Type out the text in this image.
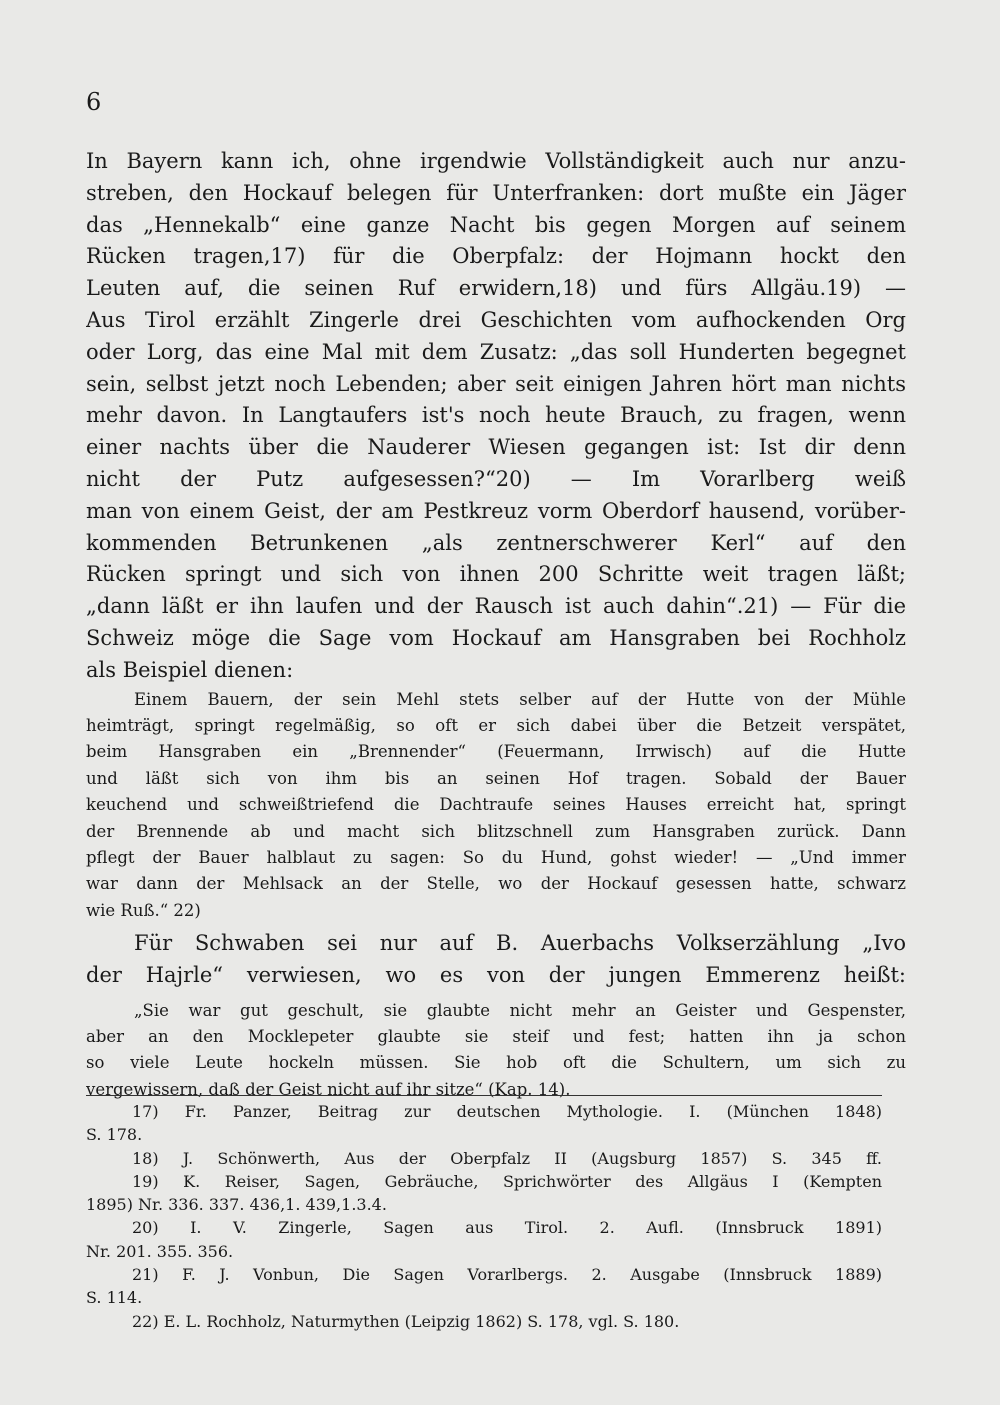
6
In Bayern kann ich, ohne irgendwie Vollständigkeit auch nur anzu-
streben, den Hockauf belegen für Unterfranken: dort mußte ein Jäger
das „Hennekalb“ eine ganze Nacht bis gegen Morgen auf seinem
Rücken tragen,17) für die Oberpfalz: der Hojmann hockt den
Leuten auf, die seinen Ruf erwidern,18) und fürs Allgäu.19) —
Aus Tirol erzählt Zingerle drei Geschichten vom aufhockenden Org
oder Lorg, das eine Mal mit dem Zusatz: „das soll Hunderten begegnet
sein, selbst jetzt noch Lebenden; aber seit einigen Jahren hört man nichts
mehr davon. In Langtaufers ist's noch heute Brauch, zu fragen, wenn
einer nachts über die Nauderer Wiesen gegangen ist: Ist dir denn
nicht der Putz aufgesessen?“20) — Im Vorarlberg weiß
man von einem Geist, der am Pestkreuz vorm Oberdorf hausend, vorüber-
kommenden Betrunkenen „als zentnerschwerer Kerl“ auf den
Rücken springt und sich von ihnen 200 Schritte weit tragen läßt;
„dann läßt er ihn laufen und der Rausch ist auch dahin“.21) — Für die
Schweiz möge die Sage vom Hockauf am Hansgraben bei Rochholz
als Beispiel dienen:
Einem Bauern, der sein Mehl stets selber auf der Hutte von der Mühle
heimträgt, springt regelmäßig, so oft er sich dabei über die Betzeit verspätet,
beim Hansgraben ein „Brennender“ (Feuermann, Irrwisch) auf die Hutte
und läßt sich von ihm bis an seinen Hof tragen. Sobald der Bauer
keuchend und schweißtriefend die Dachtraufe seines Hauses erreicht hat, springt
der Brennende ab und macht sich blitzschnell zum Hansgraben zurück. Dann
pflegt der Bauer halblaut zu sagen: So du Hund, gohst wieder! — „Und immer
war dann der Mehlsack an der Stelle, wo der Hockauf gesessen hatte, schwarz
wie Ruß.“ 22)
Für Schwaben sei nur auf B. Auerbachs Volkserzählung „Ivo
der Hajrle“ verwiesen, wo es von der jungen Emmerenz heißt:
„Sie war gut geschult, sie glaubte nicht mehr an Geister und Gespenster,
aber an den Mocklepeter glaubte sie steif und fest; hatten ihn ja schon
so viele Leute hockeln müssen. Sie hob oft die Schultern, um sich zu
vergewissern, daß der Geist nicht auf ihr sitze“ (Kap. 14).
17) Fr. Panzer, Beitrag zur deutschen Mythologie. I. (München 1848)
S. 178.
18) J. Schönwerth, Aus der Oberpfalz II (Augsburg 1857) S. 345 ff.
19) K. Reiser, Sagen, Gebräuche, Sprichwörter des Allgäus I (Kempten
1895) Nr. 336. 337. 436,1. 439,1.3.4.
20) I. V. Zingerle, Sagen aus Tirol. 2. Aufl. (Innsbruck 1891)
Nr. 201. 355. 356.
21) F. J. Vonbun, Die Sagen Vorarlbergs. 2. Ausgabe (Innsbruck 1889)
S. 114.
22) E. L. Rochholz, Naturmythen (Leipzig 1862) S. 178, vgl. S. 180.
